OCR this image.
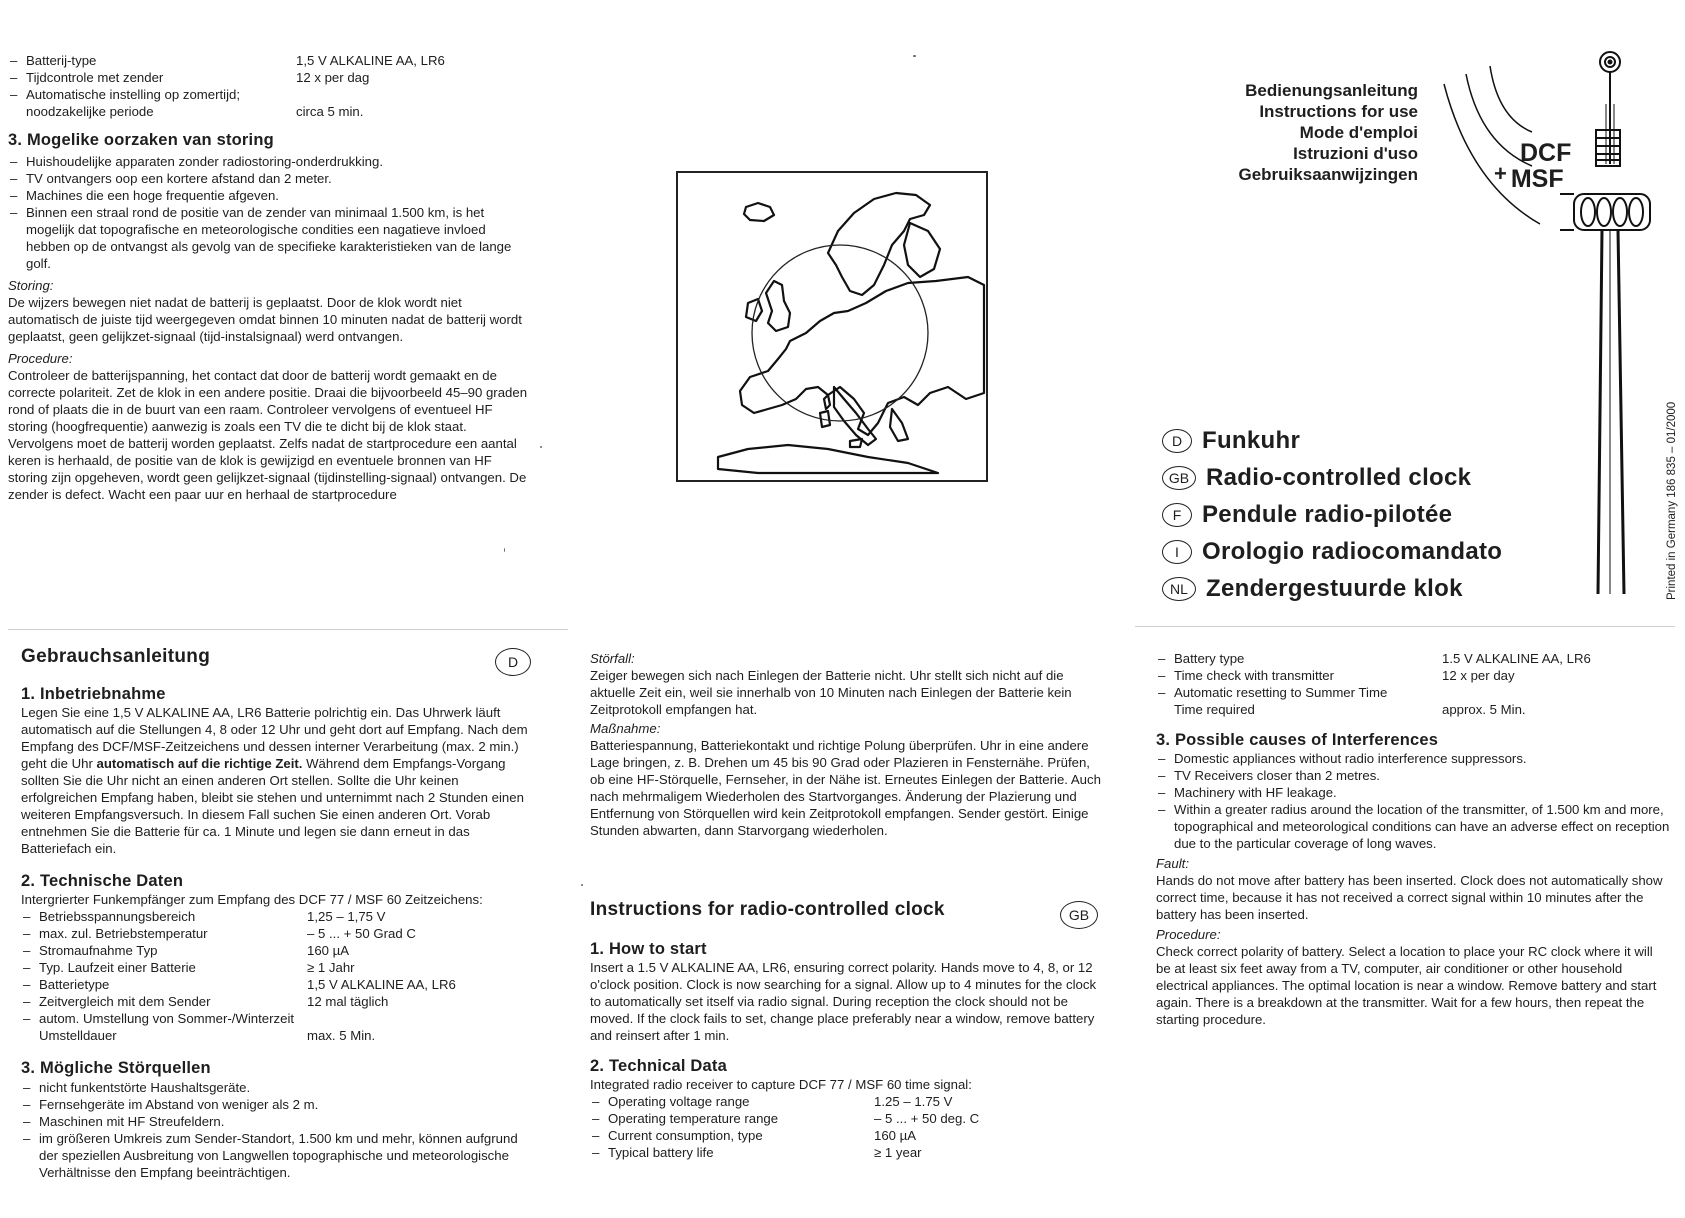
– Batterij-type	1,5 V ALKALINE AA, LR6
– Tijdcontrole met zender	12 x per dag
– Automatische instelling op zomertijd;
noodzakelijke periode	circa 5 min.
3. Mogelike oorzaken van storing
– Huishoudelijke apparaten zonder radiostoring-onderdrukking.
– TV ontvangers oop een kortere afstand dan 2 meter.
– Machines die een hoge frequentie afgeven.
– Binnen een straal rond de positie van de zender van minimaal 1.500 km, is het mogelijk dat topografische en meteorologische condities een nagatieve invloed hebben op de ontvangst als gevolg van de specifieke karakteristieken van de lange golf.
Storing:
De wijzers bewegen niet nadat de batterij is geplaatst. Door de klok wordt niet automatisch de juiste tijd weergegeven omdat binnen 10 minuten nadat de batterij wordt geplaatst, geen gelijkzet-signaal (tijd-instalsignaal) werd ontvangen.
Procedure:
Controleer de batterijspanning, het contact dat door de batterij wordt gemaakt en de correcte polariteit. Zet de klok in een andere positie. Draai die bijvoorbeeld 45–90 graden rond of plaats die in de buurt van een raam. Controleer vervolgens of eventueel HF storing (hoogfrequentie) aanwezig is zoals een TV die te dicht bij de klok staat. Vervolgens moet de batterij worden geplaatst. Zelfs nadat de startprocedure een aantal keren is herhaald, de positie van de klok is gewijzigd en eventuele bronnen van HF storing zijn opgeheven, wordt geen gelijkzet-signaal (tijdinstelling-signaal) ontvangen. De zender is defect. Wacht een paar uur en herhaal de startprocedure
Bedienungsanleitung
Instructions for use
Mode d'emploi
Istruzioni d'uso
Gebruiksaanwijzingen
DCF
+ MSF
D Funkuhr
GB Radio-controlled clock
F Pendule radio-pilotée
I Orologio radiocomandato
NL Zendergestuurde klok	Printed in Germany 186 835 – 01/2000
Gebrauchsanleitung	D
1. Inbetriebnahme
Legen Sie eine 1,5 V ALKALINE AA, LR6 Batterie polrichtig ein. Das Uhrwerk läuft automatisch auf die Stellungen 4, 8 oder 12 Uhr und geht dort auf Empfang. Nach dem Empfang des DCF/MSF-Zeitzeichens und dessen interner Verarbeitung (max. 2 min.) geht die Uhr automatisch auf die richtige Zeit. Während dem Empfangs-Vorgang sollten Sie die Uhr nicht an einen anderen Ort stellen. Sollte die Uhr keinen erfolgreichen Empfang haben, bleibt sie stehen und unternimmt nach 2 Stunden einen weiteren Empfangsversuch. In diesem Fall suchen Sie einen anderen Ort. Vorab entnehmen Sie die Batterie für ca. 1 Minute und legen sie dann erneut in das Batteriefach ein.
2. Technische Daten
Intergrierter Funkempfänger zum Empfang des DCF 77 / MSF 60 Zeitzeichens:
– Betriebsspannungsbereich	1,25 – 1,75 V
– max. zul. Betriebstemperatur	– 5 ... + 50 Grad C
– Stromaufnahme Typ	160 µA
– Typ. Laufzeit einer Batterie	≥ 1 Jahr
– Batterietype	1,5 V ALKALINE AA, LR6
– Zeitvergleich mit dem Sender	12 mal täglich
– autom. Umstellung von Sommer-/Winterzeit
Umstelldauer	max. 5 Min.
3. Mögliche Störquellen
– nicht funkentstörte Haushaltsgeräte.
– Fernsehgeräte im Abstand von weniger als 2 m.
– Maschinen mit HF Streufeldern.
– im größeren Umkreis zum Sender-Standort, 1.500 km und mehr, können aufgrund der speziellen Ausbreitung von Langwellen topographische und meteorologische Verhältnisse den Empfang beeinträchtigen.
Störfall:
Zeiger bewegen sich nach Einlegen der Batterie nicht. Uhr stellt sich nicht auf die aktuelle Zeit ein, weil sie innerhalb von 10 Minuten nach Einlegen der Batterie kein Zeitprotokoll empfangen hat.
Maßnahme:
Batteriespannung, Batteriekontakt und richtige Polung überprüfen. Uhr in eine andere Lage bringen, z. B. Drehen um 45 bis 90 Grad oder Plazieren in Fensternähe. Prüfen, ob eine HF-Störquelle, Fernseher, in der Nähe ist. Erneutes Einlegen der Batterie. Auch nach mehrmaligem Wiederholen des Startvorganges. Änderung der Plazierung und Entfernung von Störquellen wird kein Zeitprotokoll empfangen. Sender gestört. Einige Stunden abwarten, dann Starvorgang wiederholen.
Instructions for radio-controlled clock	GB
1. How to start
Insert a 1.5 V ALKALINE AA, LR6, ensuring correct polarity. Hands move to 4, 8, or 12 o'clock position. Clock is now searching for a signal. Allow up to 4 minutes for the clock to automatically set itself via radio signal. During reception the clock should not be moved. If the clock fails to set, change place preferably near a window, remove battery and reinsert after 1 min.
2. Technical Data
Integrated radio receiver to capture DCF 77 / MSF 60 time signal:
– Operating voltage range	1.25 – 1.75 V
– Operating temperature range	– 5 ... + 50 deg. C
– Current consumption, type	160 µA
– Typical battery life	≥ 1 year
– Battery type	1.5 V ALKALINE AA, LR6
– Time check with transmitter	12 x per day
– Automatic resetting to Summer Time
Time required	approx. 5 Min.
3. Possible causes of Interferences
– Domestic appliances without radio interference suppressors.
– TV Receivers closer than 2 metres.
– Machinery with HF leakage.
– Within a greater radius around the location of the transmitter, of 1.500 km and more, topographical and meteorological conditions can have an adverse effect on reception due to the particular coverage of long waves.
Fault:
Hands do not move after battery has been inserted. Clock does not automatically show correct time, because it has not received a correct signal within 10 minutes after the battery has been inserted.
Procedure:
Check correct polarity of battery. Select a location to place your RC clock where it will be at least six feet away from a TV, computer, air conditioner or other household electrical appliances. The optimal location is near a window. Remove battery and start again. There is a breakdown at the transmitter. Wait for a few hours, then repeat the starting procedure.
